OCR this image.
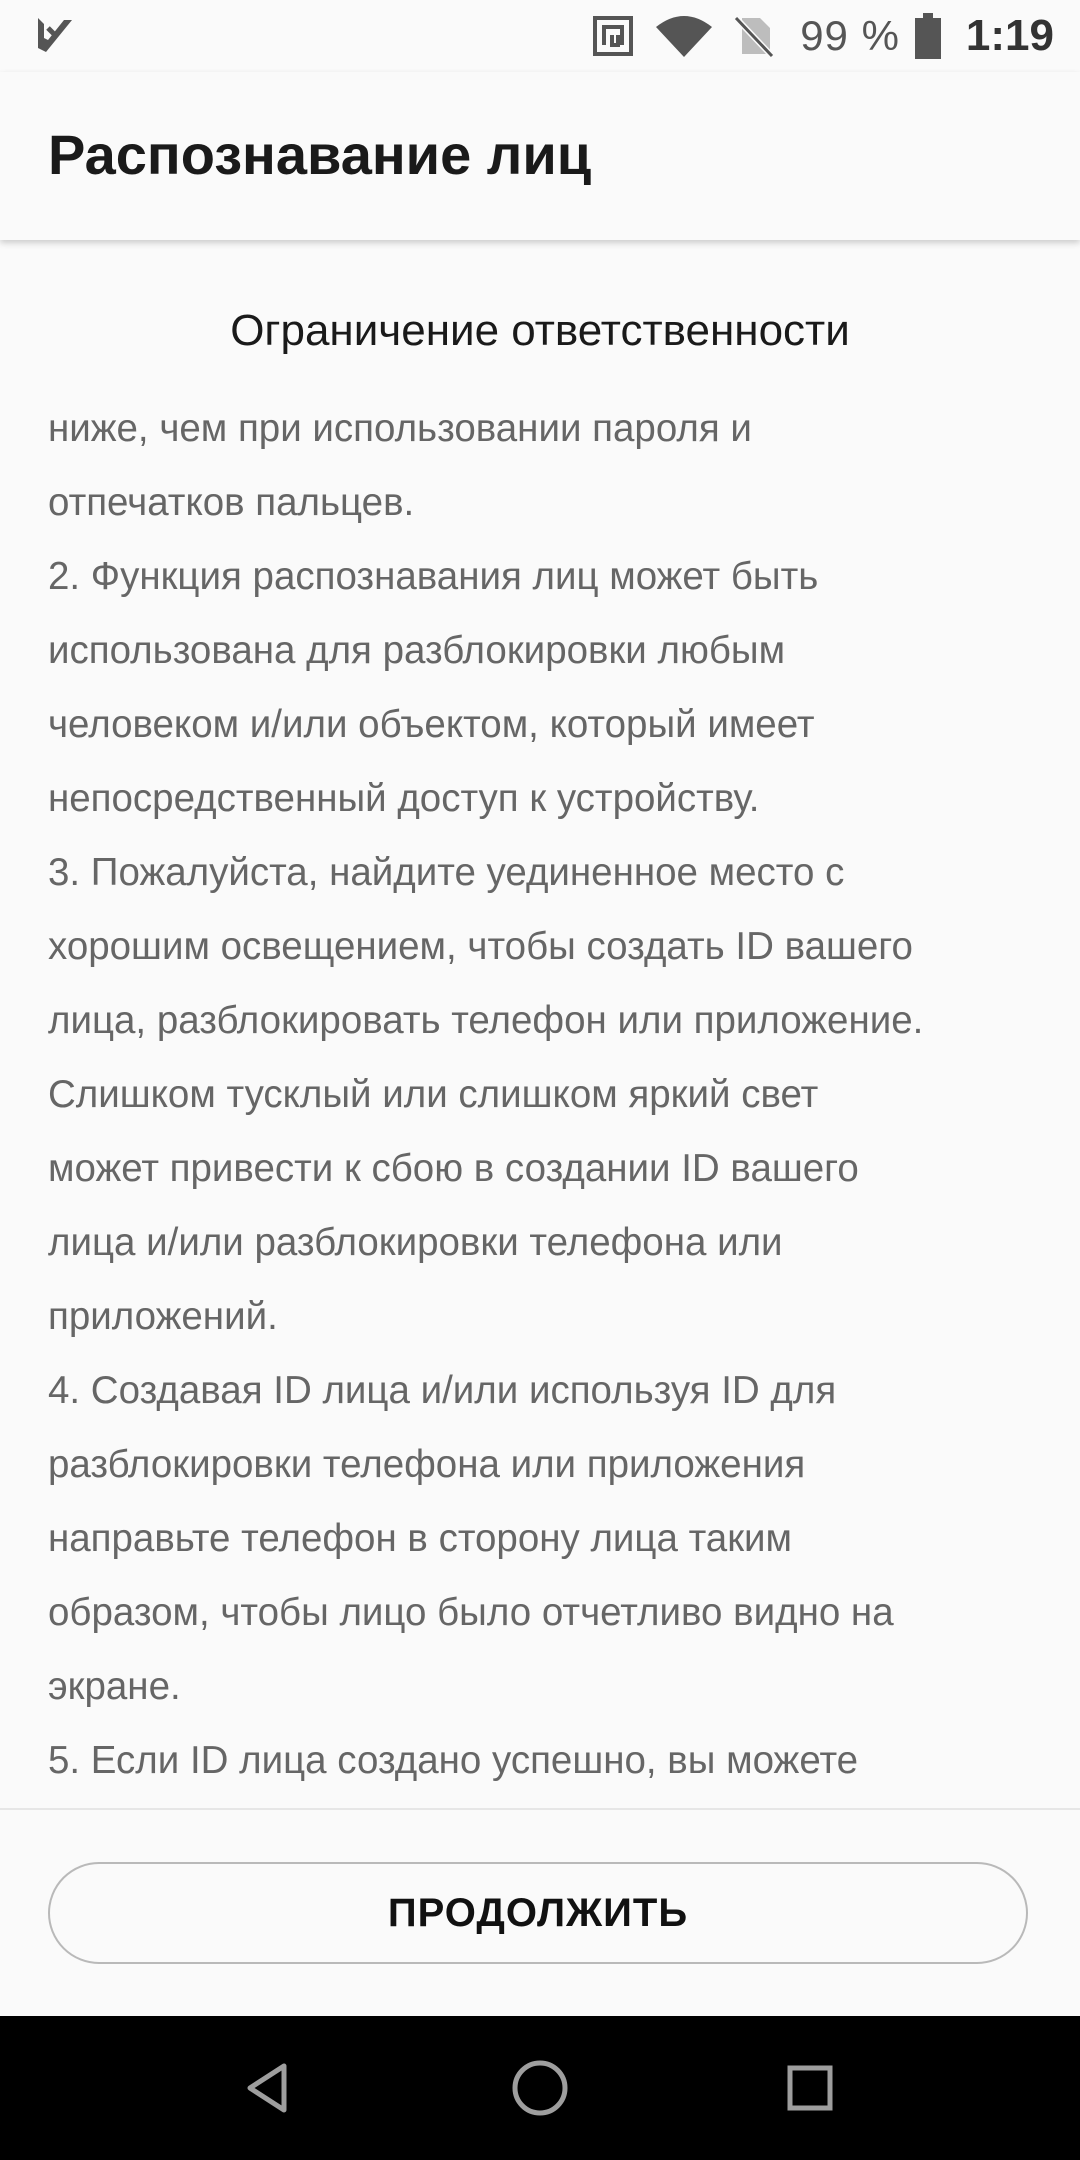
99 % 1:19
Распознавание лиц
Ограничение ответственности
ниже, чем при использовании пароля и
отпечатков пальцев.
2. Функция распознавания лиц может быть
использована для разблокировки любым
человеком и/или объектом, который имеет
непосредственный доступ к устройству.
3. Пожалуйста, найдите уединенное место с
хорошим освещением, чтобы создать ID вашего
лица, разблокировать телефон или приложение.
Слишком тусклый или слишком яркий свет
может привести к сбою в создании ID вашего
лица и/или разблокировки телефона или
приложений.
4. Создавая ID лица и/или используя ID для
разблокировки телефона или приложения
направьте телефон в сторону лица таким
образом, чтобы лицо было отчетливо видно на
экране.
5. Если ID лица создано успешно, вы можете
ПРОДОЛЖИТЬ
